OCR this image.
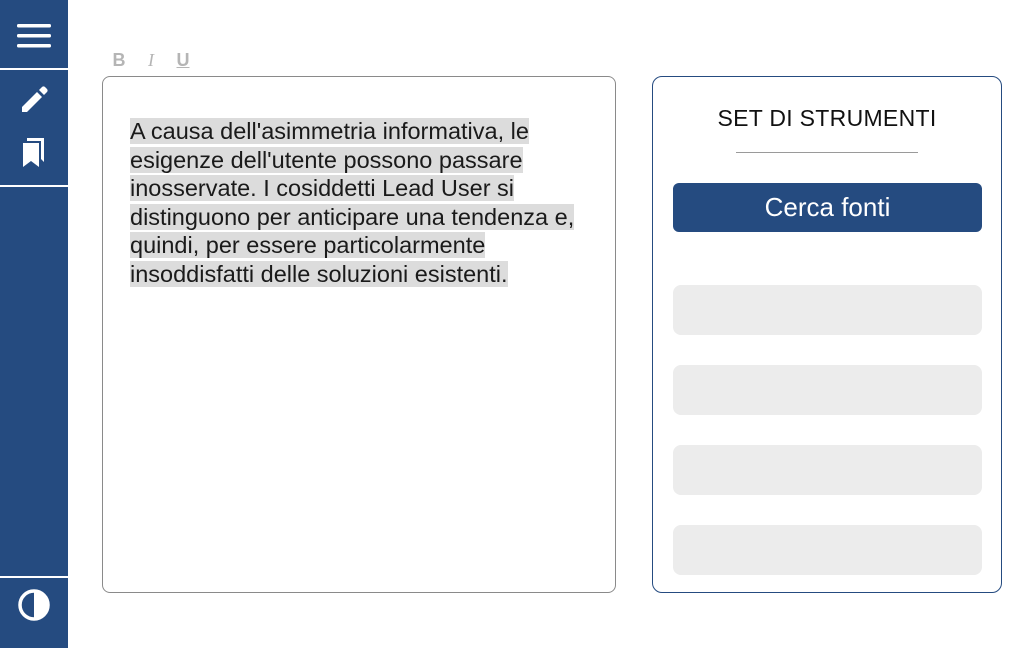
B	I	U

A causa dell'asimmetria informativa, le esigenze dell'utente possono passare inosservate. I cosiddetti Lead User si distinguono per anticipare una tendenza e, quindi, per essere particolarmente insoddisfatti delle soluzioni esistenti.

SET DI STRUMENTI
Cerca fonti
